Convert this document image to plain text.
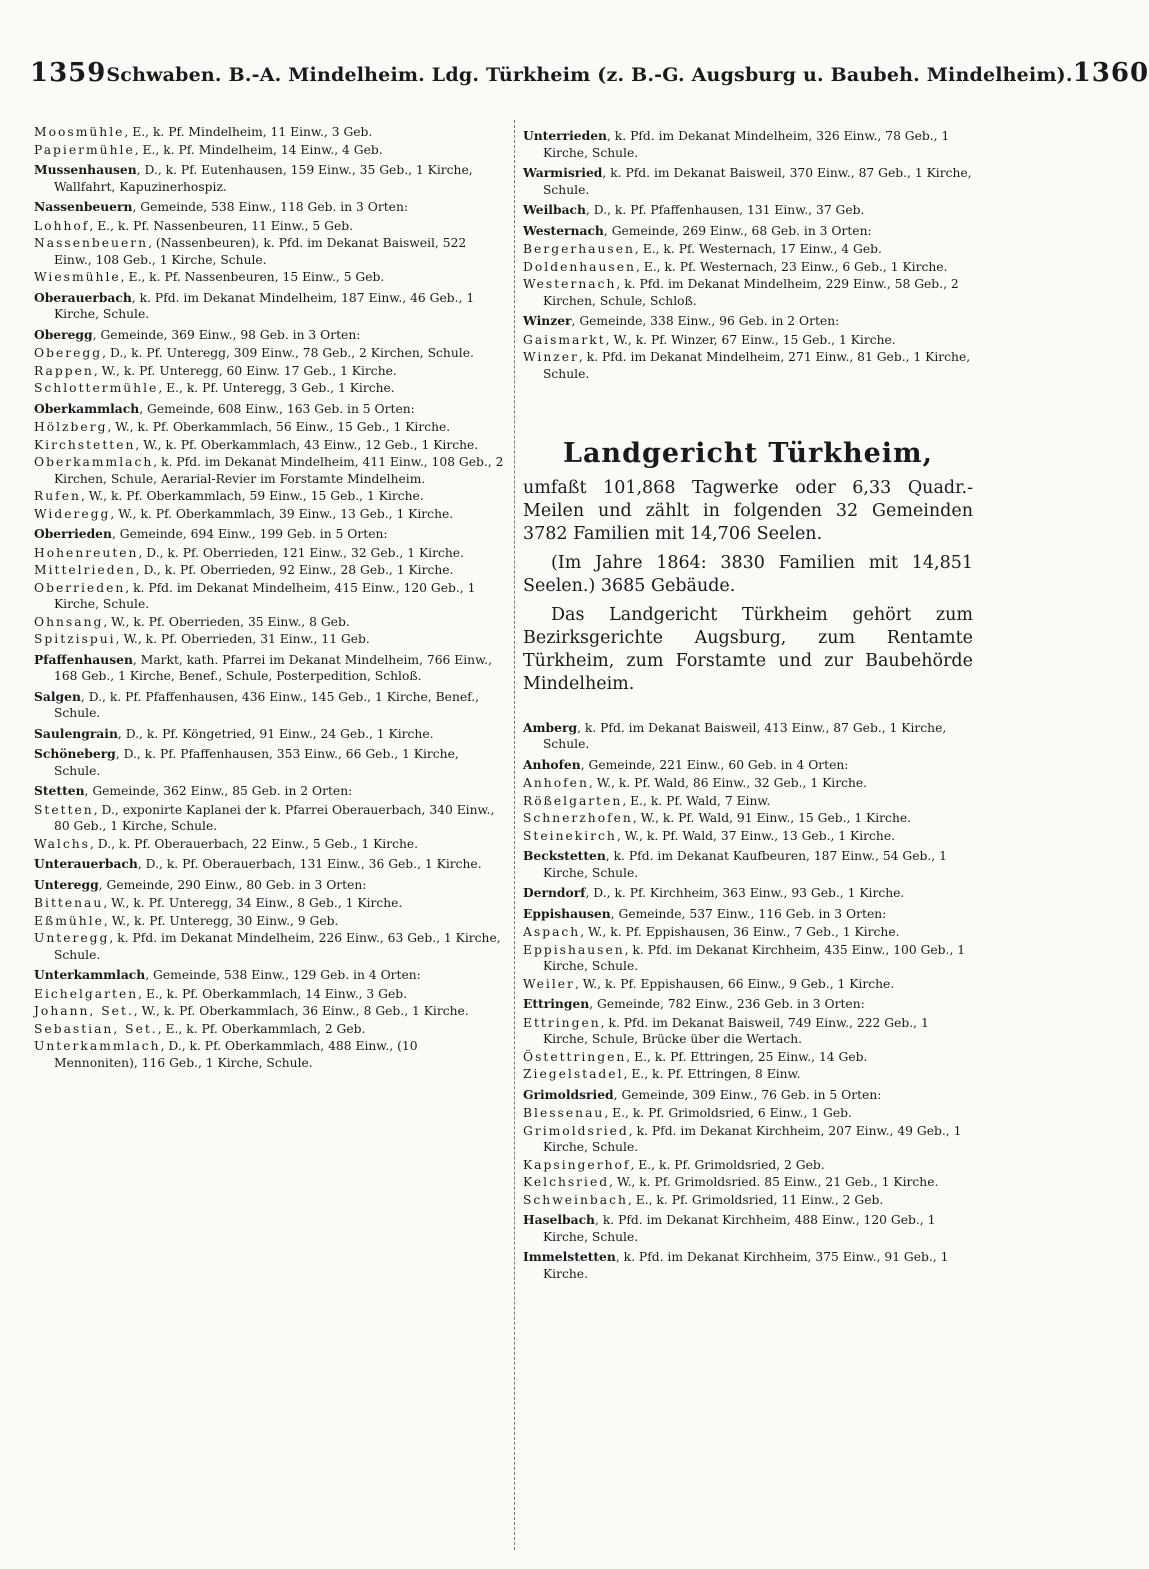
1359 Schwaben. B.-A. Mindelheim. Ldg. Türkheim (z. B.-G. Augsburg u. Baubeh. Mindelheim). 1360

Moosmühle, E., k. Pf. Mindelheim, 11 Einw., 3 Geb.

Papiermühle, E., k. Pf. Mindelheim, 14 Einw., 4 Geb.

Mussenhausen, D., k. Pf. Eutenhausen, 159 Einw., 35 Geb., 1 Kirche, Wallfahrt, Kapuzinerhospiz.

Nassenbeuern, Gemeinde, 538 Einw., 118 Geb. in 3 Orten:

Lohhof, E., k. Pf. Nassenbeuren, 11 Einw., 5 Geb.

Nassenbeuern, (Nassenbeuren), k. Pfd. im Dekanat Baisweil, 522 Einw., 108 Geb., 1 Kirche, Schule.

Wiesmühle, E., k. Pf. Nassenbeuren, 15 Einw., 5 Geb.

Oberauerbach, k. Pfd. im Dekanat Mindelheim, 187 Einw., 46 Geb., 1 Kirche, Schule.

Oberegg, Gemeinde, 369 Einw., 98 Geb. in 3 Orten:

Oberegg, D., k. Pf. Unteregg, 309 Einw., 78 Geb., 2 Kirchen, Schule.

Rappen, W., k. Pf. Unteregg, 60 Einw. 17 Geb., 1 Kirche.

Schlottermühle, E., k. Pf. Unteregg, 3 Geb., 1 Kirche.

Oberkammlach, Gemeinde, 608 Einw., 163 Geb. in 5 Orten:

Hölzberg, W., k. Pf. Oberkammlach, 56 Einw., 15 Geb., 1 Kirche.

Kirchstetten, W., k. Pf. Oberkammlach, 43 Einw., 12 Geb., 1 Kirche.

Oberkammlach, k. Pfd. im Dekanat Mindelheim, 411 Einw., 108 Geb., 2 Kirchen, Schule, Aerarial-Revier im Forstamte Mindelheim.

Rufen, W., k. Pf. Oberkammlach, 59 Einw., 15 Geb., 1 Kirche.

Wideregg, W., k. Pf. Oberkammlach, 39 Einw., 13 Geb., 1 Kirche.

Oberrieden, Gemeinde, 694 Einw., 199 Geb. in 5 Orten:

Hohenreuten, D., k. Pf. Oberrieden, 121 Einw., 32 Geb., 1 Kirche.

Mittelrieden, D., k. Pf. Oberrieden, 92 Einw., 28 Geb., 1 Kirche.

Oberrieden, k. Pfd. im Dekanat Mindelheim, 415 Einw., 120 Geb., 1 Kirche, Schule.

Ohnsang, W., k. Pf. Oberrieden, 35 Einw., 8 Geb.

Spitzispui, W., k. Pf. Oberrieden, 31 Einw., 11 Geb.

Pfaffenhausen, Markt, kath. Pfarrei im Dekanat Mindelheim, 766 Einw., 168 Geb., 1 Kirche, Benef., Schule, Posterpedition, Schloß.

Salgen, D., k. Pf. Pfaffenhausen, 436 Einw., 145 Geb., 1 Kirche, Benef., Schule.

Saulengrain, D., k. Pf. Köngetried, 91 Einw., 24 Geb., 1 Kirche.

Schöneberg, D., k. Pf. Pfaffenhausen, 353 Einw., 66 Geb., 1 Kirche, Schule.

Stetten, Gemeinde, 362 Einw., 85 Geb. in 2 Orten:

Stetten, D., exponirte Kaplanei der k. Pfarrei Oberauerbach, 340 Einw., 80 Geb., 1 Kirche, Schule.

Walchs, D., k. Pf. Oberauerbach, 22 Einw., 5 Geb., 1 Kirche.

Unterauerbach, D., k. Pf. Oberauerbach, 131 Einw., 36 Geb., 1 Kirche.

Unteregg, Gemeinde, 290 Einw., 80 Geb. in 3 Orten:

Bittenau, W., k. Pf. Unteregg, 34 Einw., 8 Geb., 1 Kirche.

Eßmühle, W., k. Pf. Unteregg, 30 Einw., 9 Geb.

Unteregg, k. Pfd. im Dekanat Mindelheim, 226 Einw., 63 Geb., 1 Kirche, Schule.

Unterkammlach, Gemeinde, 538 Einw., 129 Geb. in 4 Orten:

Eichelgarten, E., k. Pf. Oberkammlach, 14 Einw., 3 Geb.

Johann, Set., W., k. Pf. Oberkammlach, 36 Einw., 8 Geb., 1 Kirche.

Sebastian, Set., E., k. Pf. Oberkammlach, 2 Geb.

Unterkammlach, D., k. Pf. Oberkammlach, 488 Einw., (10 Mennoniten), 116 Geb., 1 Kirche, Schule.

Unterrieden, k. Pfd. im Dekanat Mindelheim, 326 Einw., 78 Geb., 1 Kirche, Schule.

Warmisried, k. Pfd. im Dekanat Baisweil, 370 Einw., 87 Geb., 1 Kirche, Schule.

Weilbach, D., k. Pf. Pfaffenhausen, 131 Einw., 37 Geb.

Westernach, Gemeinde, 269 Einw., 68 Geb. in 3 Orten:

Bergerhausen, E., k. Pf. Westernach, 17 Einw., 4 Geb.

Doldenhausen, E., k. Pf. Westernach, 23 Einw., 6 Geb., 1 Kirche.

Westernach, k. Pfd. im Dekanat Mindelheim, 229 Einw., 58 Geb., 2 Kirchen, Schule, Schloß.

Winzer, Gemeinde, 338 Einw., 96 Geb. in 2 Orten:

Gaismarkt, W., k. Pf. Winzer, 67 Einw., 15 Geb., 1 Kirche.

Winzer, k. Pfd. im Dekanat Mindelheim, 271 Einw., 81 Geb., 1 Kirche, Schule.

Landgericht Türkheim,

umfaßt 101,868 Tagwerke oder 6,33 Quadr.-Meilen und zählt in folgenden 32 Gemeinden 3782 Familien mit 14,706 Seelen.

(Im Jahre 1864: 3830 Familien mit 14,851 Seelen.) 3685 Gebäude.

Das Landgericht Türkheim gehört zum Bezirksgerichte Augsburg, zum Rentamte Türkheim, zum Forstamte und zur Baubehörde Mindelheim.

Amberg, k. Pfd. im Dekanat Baisweil, 413 Einw., 87 Geb., 1 Kirche, Schule.

Anhofen, Gemeinde, 221 Einw., 60 Geb. in 4 Orten:

Anhofen, W., k. Pf. Wald, 86 Einw., 32 Geb., 1 Kirche.

Rößelgarten, E., k. Pf. Wald, 7 Einw.

Schnerzhofen, W., k. Pf. Wald, 91 Einw., 15 Geb., 1 Kirche.

Steinekirch, W., k. Pf. Wald, 37 Einw., 13 Geb., 1 Kirche.

Beckstetten, k. Pfd. im Dekanat Kaufbeuren, 187 Einw., 54 Geb., 1 Kirche, Schule.

Derndorf, D., k. Pf. Kirchheim, 363 Einw., 93 Geb., 1 Kirche.

Eppishausen, Gemeinde, 537 Einw., 116 Geb. in 3 Orten:

Aspach, W., k. Pf. Eppishausen, 36 Einw., 7 Geb., 1 Kirche.

Eppishausen, k. Pfd. im Dekanat Kirchheim, 435 Einw., 100 Geb., 1 Kirche, Schule.

Weiler, W., k. Pf. Eppishausen, 66 Einw., 9 Geb., 1 Kirche.

Ettringen, Gemeinde, 782 Einw., 236 Geb. in 3 Orten:

Ettringen, k. Pfd. im Dekanat Baisweil, 749 Einw., 222 Geb., 1 Kirche, Schule, Brücke über die Wertach.

Östettringen, E., k. Pf. Ettringen, 25 Einw., 14 Geb.

Ziegelstadel, E., k. Pf. Ettringen, 8 Einw.

Grimoldsried, Gemeinde, 309 Einw., 76 Geb. in 5 Orten:

Blessenau, E., k. Pf. Grimoldsried, 6 Einw., 1 Geb.

Grimoldsried, k. Pfd. im Dekanat Kirchheim, 207 Einw., 49 Geb., 1 Kirche, Schule.

Kapsingerhof, E., k. Pf. Grimoldsried, 2 Geb.

Kelchsried, W., k. Pf. Grimoldsried. 85 Einw., 21 Geb., 1 Kirche.

Schweinbach, E., k. Pf. Grimoldsried, 11 Einw., 2 Geb.

Haselbach, k. Pfd. im Dekanat Kirchheim, 488 Einw., 120 Geb., 1 Kirche, Schule.

Immelstetten, k. Pfd. im Dekanat Kirchheim, 375 Einw., 91 Geb., 1 Kirche.
